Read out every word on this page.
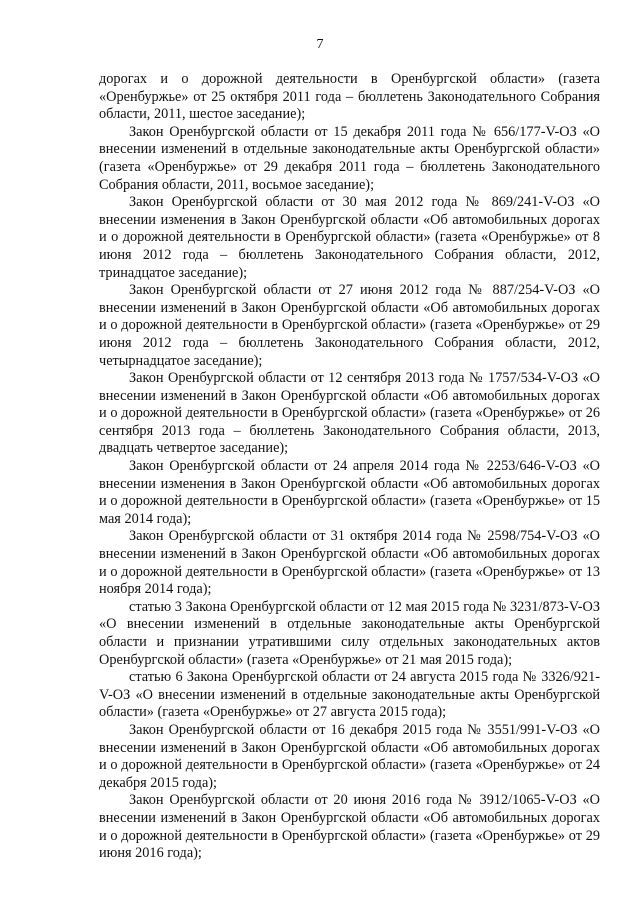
7

дорогах и о дорожной деятельности в Оренбургской области» (газета «Оренбуржье» от 25 октября 2011 года – бюллетень Законодательного Собрания области, 2011, шестое заседание);

Закон Оренбургской области от 15 декабря 2011 года № 656/177-V-ОЗ «О внесении изменений в отдельные законодательные акты Оренбургской области» (газета «Оренбуржье» от 29 декабря 2011 года – бюллетень Законодательного Собрания области, 2011, восьмое заседание);

Закон Оренбургской области от 30 мая 2012 года № 869/241-V-ОЗ «О внесении изменения в Закон Оренбургской области «Об автомобильных дорогах и о дорожной деятельности в Оренбургской области» (газета «Оренбуржье» от 8 июня 2012 года – бюллетень Законодательного Собрания области, 2012, тринадцатое заседание);

Закон Оренбургской области от 27 июня 2012 года № 887/254-V-ОЗ «О внесении изменений в Закон Оренбургской области «Об автомобильных дорогах и о дорожной деятельности в Оренбургской области» (газета «Оренбуржье» от 29 июня 2012 года – бюллетень Законодательного Собрания области, 2012, четырнадцатое заседание);

Закон Оренбургской области от 12 сентября 2013 года № 1757/534-V-ОЗ «О внесении изменений в Закон Оренбургской области «Об автомобильных дорогах и о дорожной деятельности в Оренбургской области» (газета «Оренбуржье» от 26 сентября 2013 года – бюллетень Законодательного Собрания области, 2013, двадцать четвертое заседание);

Закон Оренбургской области от 24 апреля 2014 года № 2253/646-V-ОЗ «О внесении изменения в Закон Оренбургской области «Об автомобильных дорогах и о дорожной деятельности в Оренбургской области» (газета «Оренбуржье» от 15 мая 2014 года);

Закон Оренбургской области от 31 октября 2014 года № 2598/754-V-ОЗ «О внесении изменений в Закон Оренбургской области «Об автомобильных дорогах и о дорожной деятельности в Оренбургской области» (газета «Оренбуржье» от 13 ноября 2014 года);

статью 3 Закона Оренбургской области от 12 мая 2015 года № 3231/873-V-ОЗ «О внесении изменений в отдельные законодательные акты Оренбургской области и признании утратившими силу отдельных законодательных актов Оренбургской области» (газета «Оренбуржье» от 21 мая 2015 года);

статью 6 Закона Оренбургской области от 24 августа 2015 года № 3326/921-V-ОЗ «О внесении изменений в отдельные законодательные акты Оренбургской области» (газета «Оренбуржье» от 27 августа 2015 года);

Закон Оренбургской области от 16 декабря 2015 года № 3551/991-V-ОЗ «О внесении изменений в Закон Оренбургской области «Об автомобильных дорогах и о дорожной деятельности в Оренбургской области» (газета «Оренбуржье» от 24 декабря 2015 года);

Закон Оренбургской области от 20 июня 2016 года № 3912/1065-V-ОЗ «О внесении изменений в Закон Оренбургской области «Об автомобильных дорогах и о дорожной деятельности в Оренбургской области» (газета «Оренбуржье» от 29 июня 2016 года);
